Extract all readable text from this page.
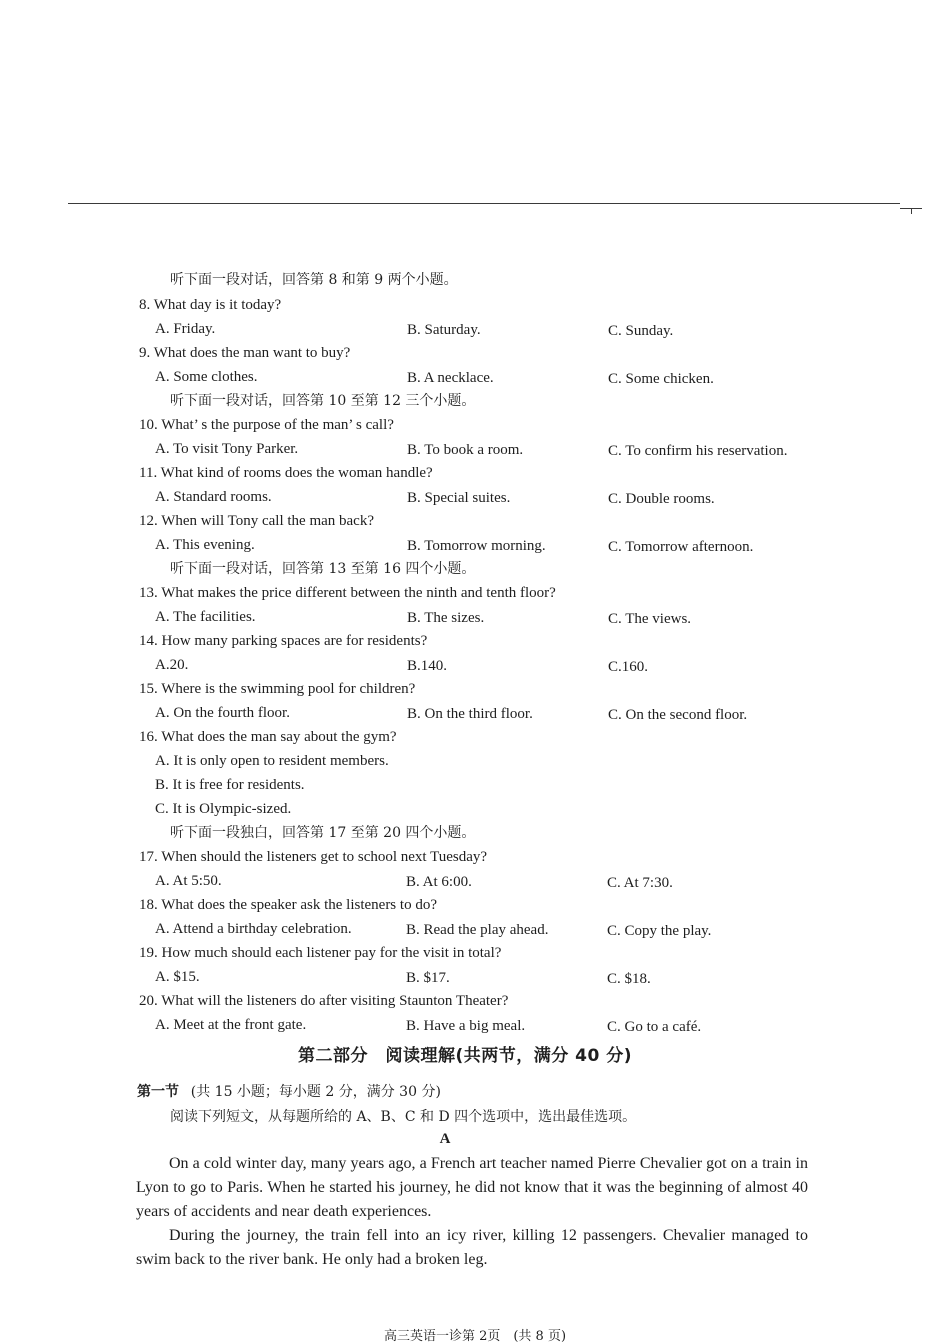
听下面一段对话，回答第 8 和第 9 两个小题。
8. What day is it today?
A. Friday.	B. Saturday.	C. Sunday.
9. What does the man want to buy?
A. Some clothes.	B. A necklace.	C. Some chicken.
听下面一段对话，回答第 10 至第 12 三个小题。
10. What’ s the purpose of the man’ s call?
A. To visit Tony Parker.	B. To book a room.	C. To confirm his reservation.
11. What kind of rooms does the woman handle?
A. Standard rooms.	B. Special suites.	C. Double rooms.
12. When will Tony call the man back?
A. This evening.	B. Tomorrow morning.	C. Tomorrow afternoon.
听下面一段对话，回答第 13 至第 16 四个小题。
13. What makes the price different between the ninth and tenth floor?
A. The facilities.	B. The sizes.	C. The views.
14. How many parking spaces are for residents?
A.20.	B.140.	C.160.
15. Where is the swimming pool for children?
A. On the fourth floor.	B. On the third floor.	C. On the second floor.
16. What does the man say about the gym?
A. It is only open to resident members.
B. It is free for residents.
C. It is Olympic-sized.
听下面一段独白，回答第 17 至第 20 四个小题。
17. When should the listeners get to school next Tuesday?
A. At 5:50.	B. At 6:00.	C. At 7:30.
18. What does the speaker ask the listeners to do?
A. Attend a birthday celebration.	B. Read the play ahead.	C. Copy the play.
19. How much should each listener pay for the visit in total?
A. $15.	B. $17.	C. $18.
20. What will the listeners do after visiting Staunton Theater?
A. Meet at the front gate.	B. Have a big meal.	C. Go to a café.
第二部分　阅读理解(共两节，满分 40 分)
第一节 (共 15 小题；每小题 2 分，满分 30 分)
阅读下列短文，从每题所给的 A、B、C 和 D 四个选项中，选出最佳选项。
A
On a cold winter day, many years ago, a French art teacher named Pierre Chevalier got on a train in Lyon to go to Paris. When he started his journey, he did not know that it was the beginning of almost 40 years of accidents and near death experiences.
During the journey, the train fell into an icy river, killing 12 passengers. Chevalier managed to swim back to the river bank. He only had a broken leg.
高三英语一诊第 2页　(共 8 页)
